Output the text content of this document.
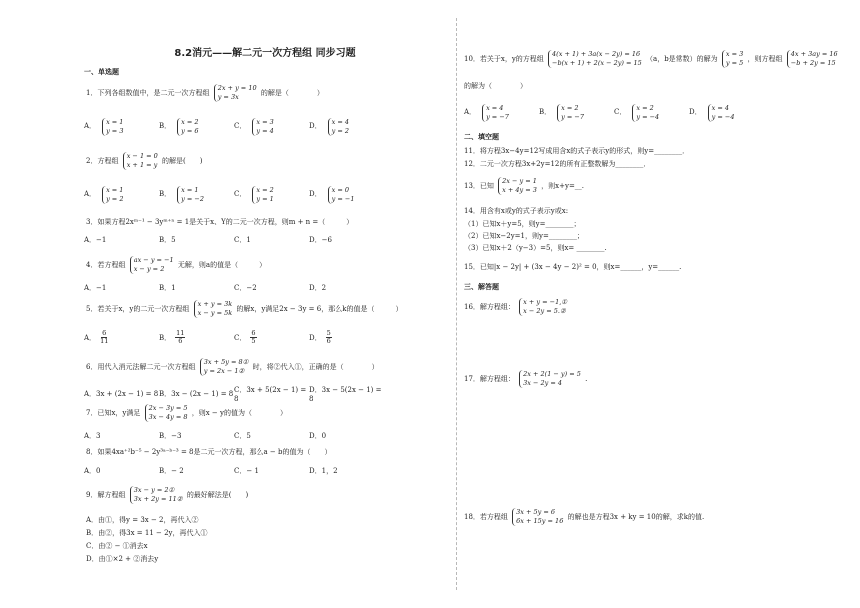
8.2消元——解二元一次方程组 同步习题
一、单选题
1．下列各组数值中，是二元一次方程组
2x + y = 10
y = 3x	的解是（　　　　）
A．
x = 1
y = 3
B．
x = 2
y = 6
C．
x = 3
y = 4
D．
x = 4
y = 2
2．方程组
x − 1 = 0
x + 1 = y 的解是(　　)
A．
x = 1
y = 2
B．
x = 1
y = −2
C．
x = 2
y = 1
D．
x = 0
y = −1
3．如果方程2xᵐ⁻¹ − 3yᵐ⁺ⁿ = 1是关于x、Y的二元一次方程，则m + n =（　　　）
A．−1	B．5	C．1	D．−6
4．若方程组
ax − y = −1
x − y = 2	无解，则a的值是（　　　）
A．−1	B．1	C．−2	D．2
5．若关于x，y的二元一次方程组
x + y = 3k
x − y = 5k 的解x，y满足2x − 3y = 6，那么k的值是（　　　）
A． $\frac{6}{11}$	B． $\frac{11}{6}$	C． $\frac{6}{5}$	D． $\frac{5}{6}$
6．用代入消元法解二元一次方程组
3x + 5y = 8①
y = 2x − 1②	时，将②代入①，正确的是（　　　　）
A．3x + (2x − 1) = 8 B．3x − (2x − 1) = 8
C．3x + 5(2x − 1) = 8
D．3x − 5(2x − 1) = 8
7．已知x，y满足
2x − 3y = 5
3x − 4y = 8 ，则x − y的值为（　　　　）
A．3	B．−3	C．5	D．0
8．如果4xa⁺²b⁻⁵ − 2y³ᵃ⁻ᵇ⁻³ = 8是二元一次方程，那么a − b的值为（　　）
A．0	B．− 2	C．− 1	D．1，2
9．解方程组
3x − y = 2①
3x + 2y = 11② 的最好解法是(　　)
A．由①，得y = 3x − 2，再代入②
B．由②，得3x = 11 − 2y，再代入①
C．由② − ①消去x
D．由①×2 + ②消去y
10．若关于x，y的方程组
4(x + 1) + 3a(x − 2y) = 16
−b(x + 1) + 2(x − 2y) = 15 （a，b是常数）的解为
x = 3
y = 5 ，则方程组
4x + 3ay = 16
−b + 2y = 15
的解为（　　　　）
A．
x = 4
y = −7
B．
x = 2
y = −7
C．
x = 2
y = −4
D．
x = 4
y = −4
二、填空题
11．将方程3x−4y=12写成用含x的式子表示y的形式，则y=________．
12．二元一次方程3x+2y=12的所有正整数解为________．
13．已知
2x − y = 1
x + 4y = 3 ，则x+y=__.
14．用含有x或y的式子表示y或x:
（1）已知x＋y=5，则y=________；
（2）已知x−2y=1，则y=________；
（3）已知x＋2（y−3）=5，则x= ________.
15．已知|x − 2y| + (3x − 4y − 2)² = 0，则x=______，y=______.
三、解答题
16．解方程组：
x + y = −1,①
x − 2y = 5.②
17．解方程组：
2x + 2(1 − y) = 5
3x − 2y = 4	.
18．若方程组
3x + 5y = 6
6x + 15y = 16 的解也是方程3x + ky = 10的解，求k的值.
